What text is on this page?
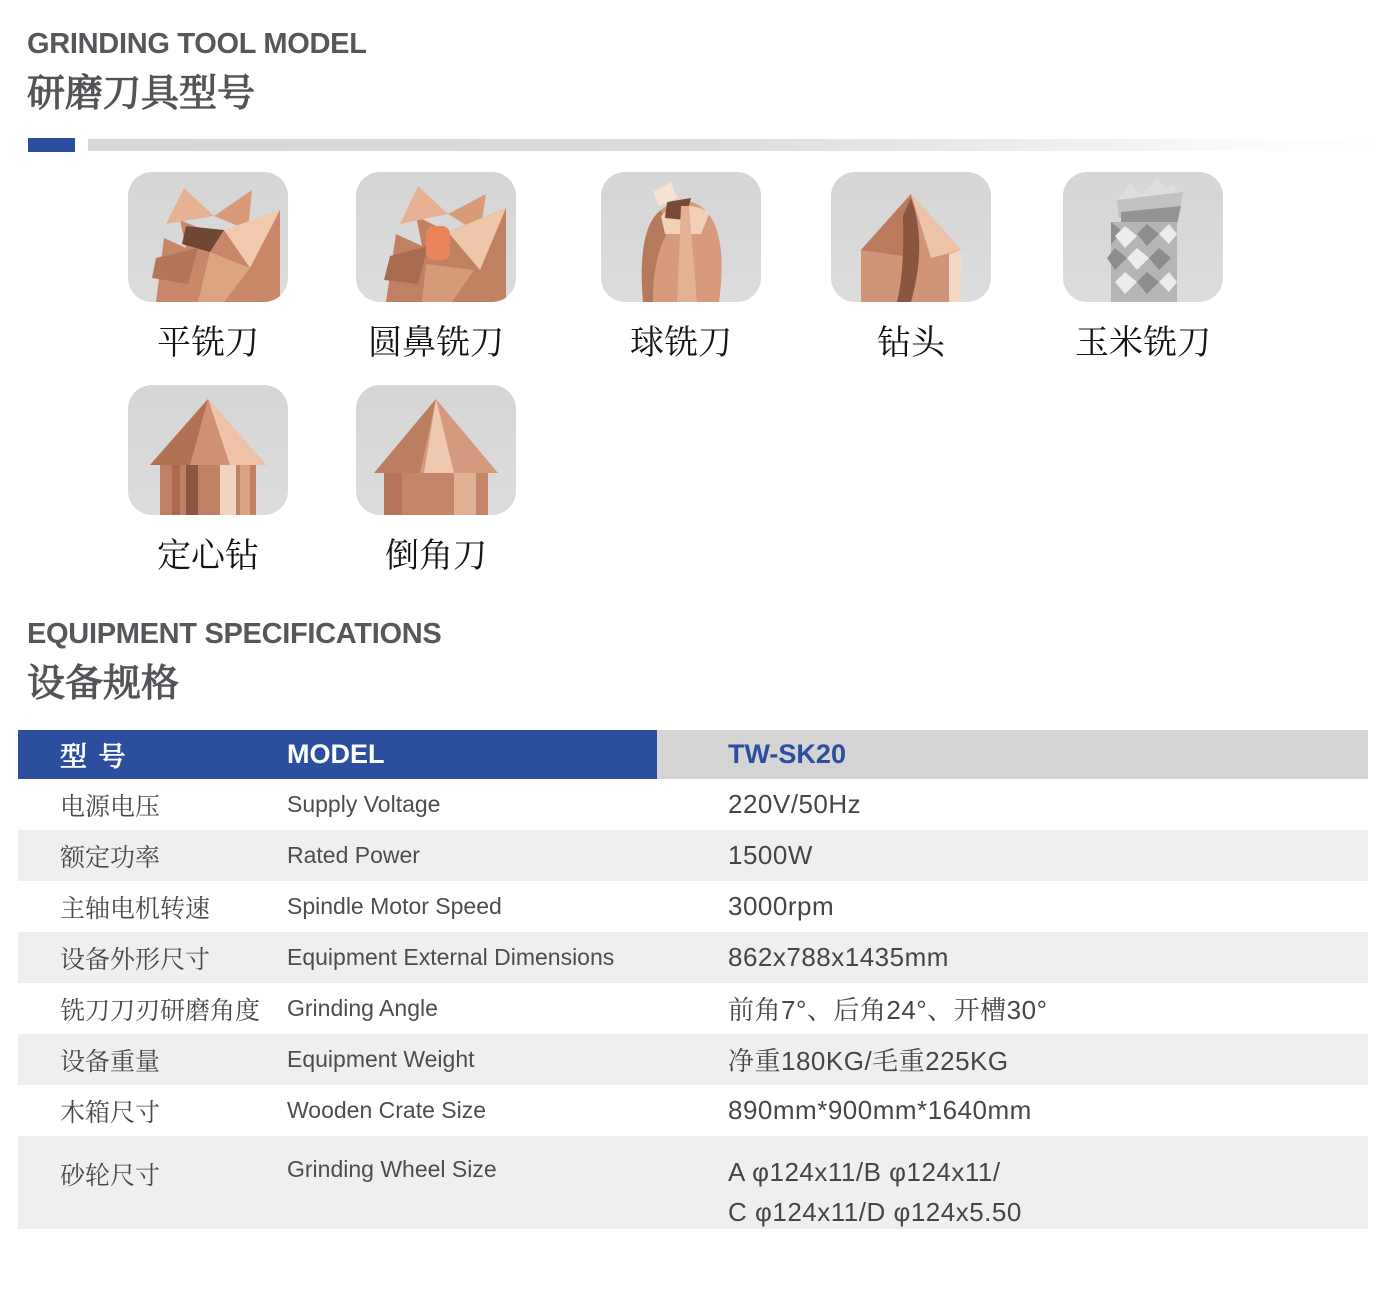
GRINDING TOOL MODEL
研磨刀具型号
平铣刀	圆鼻铣刀	球铣刀	钻头	玉米铣刀
定心钻	倒角刀
EQUIPMENT SPECIFICATIONS
设备规格
型 号	MODEL	TW-SK20
电源电压	Supply Voltage	220V/50Hz
额定功率	Rated Power	1500W
主轴电机转速	Spindle Motor Speed	3000rpm
设备外形尺寸	Equipment External Dimensions	862x788x1435mm
铣刀刀刃研磨角度	Grinding Angle	前角7°、后角24°、开槽30°
设备重量	Equipment Weight	净重180KG/毛重225KG
木箱尺寸	Wooden Crate Size	890mm*900mm*1640mm
砂轮尺寸	Grinding Wheel Size	A φ124x11/B φ124x11/
C φ124x11/D φ124x5.50
